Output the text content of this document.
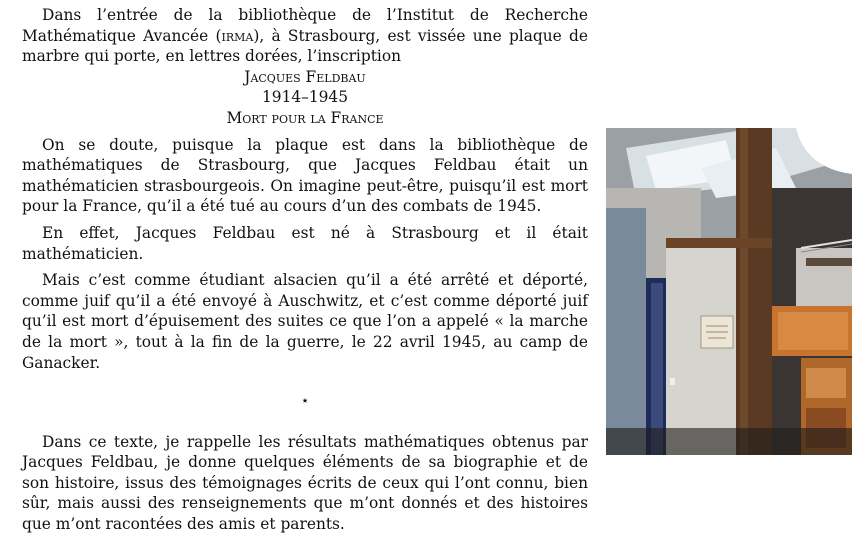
Dans l’entrée de la bibliothèque de l’Institut de Recherche Mathématique Avancée (irma), à Strasbourg, est vissée une plaque de marbre qui porte, en lettres dorées, l’inscription

Jacques Feldbau

1914–1945

Mort pour la France

On se doute, puisque la plaque est dans la bibliothèque de mathématiques de Strasbourg, que Jacques Feldbau était un mathématicien strasbourgeois. On imagine peut-être, puisqu’il est mort pour la France, qu’il a été tué au cours d’un des combats de 1945.

En effet, Jacques Feldbau est né à Strasbourg et il était mathématicien.

Mais c’est comme étudiant alsacien qu’il a été arrêté et déporté, comme juif qu’il a été envoyé à Auschwitz, et c’est comme déporté juif qu’il est mort d’épuisement des suites ce que l’on a appelé « la marche de la mort », tout à la fin de la guerre, le 22 avril 1945, au camp de Ganacker.

⋆

Dans ce texte, je rappelle les résultats mathématiques obtenus par Jacques Feldbau, je donne quelques éléments de sa biographie et de son histoire, issus des témoignages écrits de ceux qui l’ont connu, bien sûr, mais aussi des renseignements que m’ont donnés et des histoires que m’ont racontées des amis et parents.
